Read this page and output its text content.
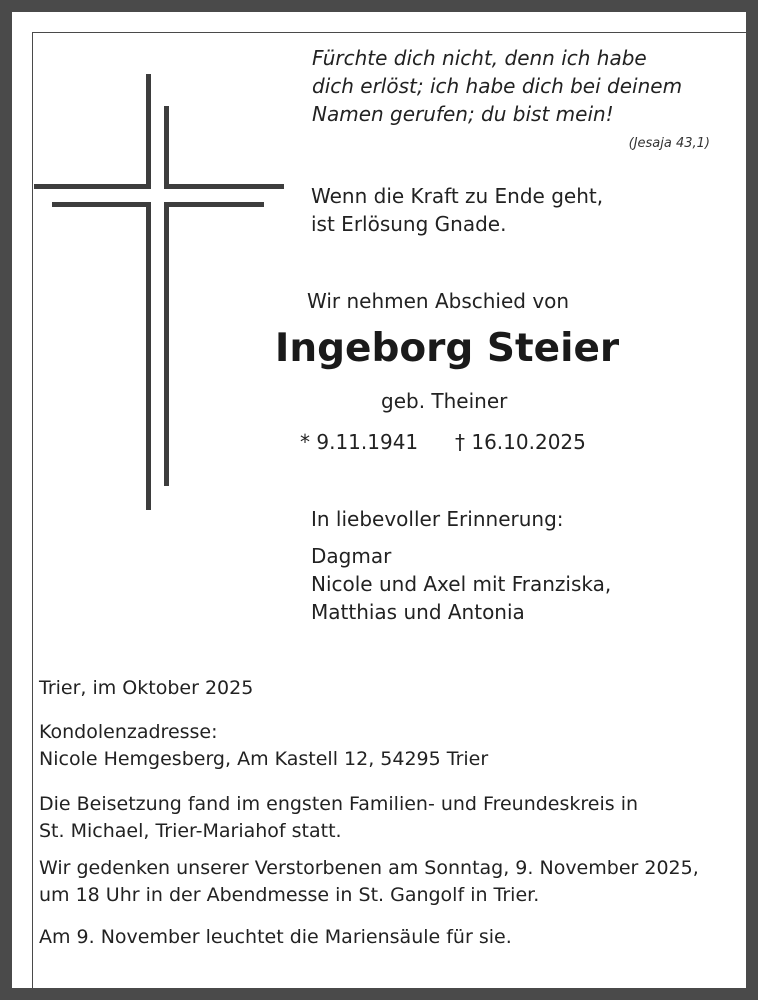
Fürchte dich nicht, denn ich habe
dich erlöst; ich habe dich bei deinem
Namen gerufen; du bist mein!
(Jesaja 43,1)
Wenn die Kraft zu Ende geht,
ist Erlösung Gnade.
Wir nehmen Abschied von
Ingeborg Steier
geb. Theiner
* 9.11.1941 † 16.10.2025
In liebevoller Erinnerung:
Dagmar
Nicole und Axel mit Franziska,
Matthias und Antonia
Trier, im Oktober 2025
Kondolenzadresse:
Nicole Hemgesberg, Am Kastell 12, 54295 Trier
Die Beisetzung fand im engsten Familien- und Freundeskreis in
St. Michael, Trier-Mariahof statt.
Wir gedenken unserer Verstorbenen am Sonntag, 9. November 2025,
um 18 Uhr in der Abendmesse in St. Gangolf in Trier.
Am 9. November leuchtet die Mariensäule für sie.
